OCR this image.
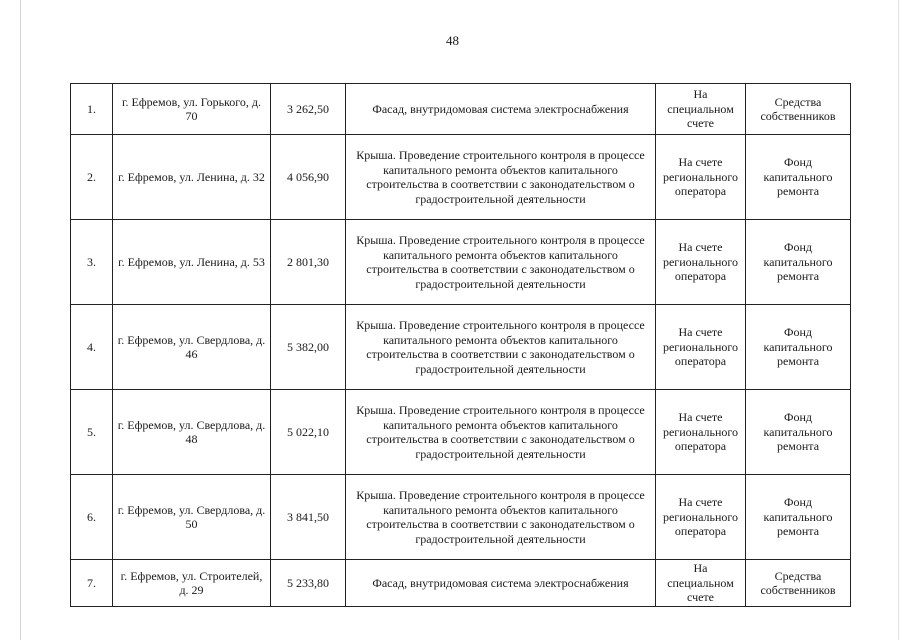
48
1.	г. Ефремов, ул. Горького, д. 70	3 262,50	Фасад, внутридомовая система электроснабжения	На специальном счете	Средства собственников
2.	г. Ефремов, ул. Ленина, д. 32	4 056,90	Крыша. Проведение строительного контроля в процессе капитального ремонта объектов капитального строительства в соответствии с законодательством о градостроительной деятельности	На счете регионального оператора	Фонд капитального ремонта
3.	г. Ефремов, ул. Ленина, д. 53	2 801,30	Крыша. Проведение строительного контроля в процессе капитального ремонта объектов капитального строительства в соответствии с законодательством о градостроительной деятельности	На счете регионального оператора	Фонд капитального ремонта
4.	г. Ефремов, ул. Свердлова, д. 46	5 382,00	Крыша. Проведение строительного контроля в процессе капитального ремонта объектов капитального строительства в соответствии с законодательством о градостроительной деятельности	На счете регионального оператора	Фонд капитального ремонта
5.	г. Ефремов, ул. Свердлова, д. 48	5 022,10	Крыша. Проведение строительного контроля в процессе капитального ремонта объектов капитального строительства в соответствии с законодательством о градостроительной деятельности	На счете регионального оператора	Фонд капитального ремонта
6.	г. Ефремов, ул. Свердлова, д. 50	3 841,50	Крыша. Проведение строительного контроля в процессе капитального ремонта объектов капитального строительства в соответствии с законодательством о градостроительной деятельности	На счете регионального оператора	Фонд капитального ремонта
7.	г. Ефремов, ул. Строителей, д. 29	5 233,80	Фасад, внутридомовая система электроснабжения	На специальном счете	Средства собственников
